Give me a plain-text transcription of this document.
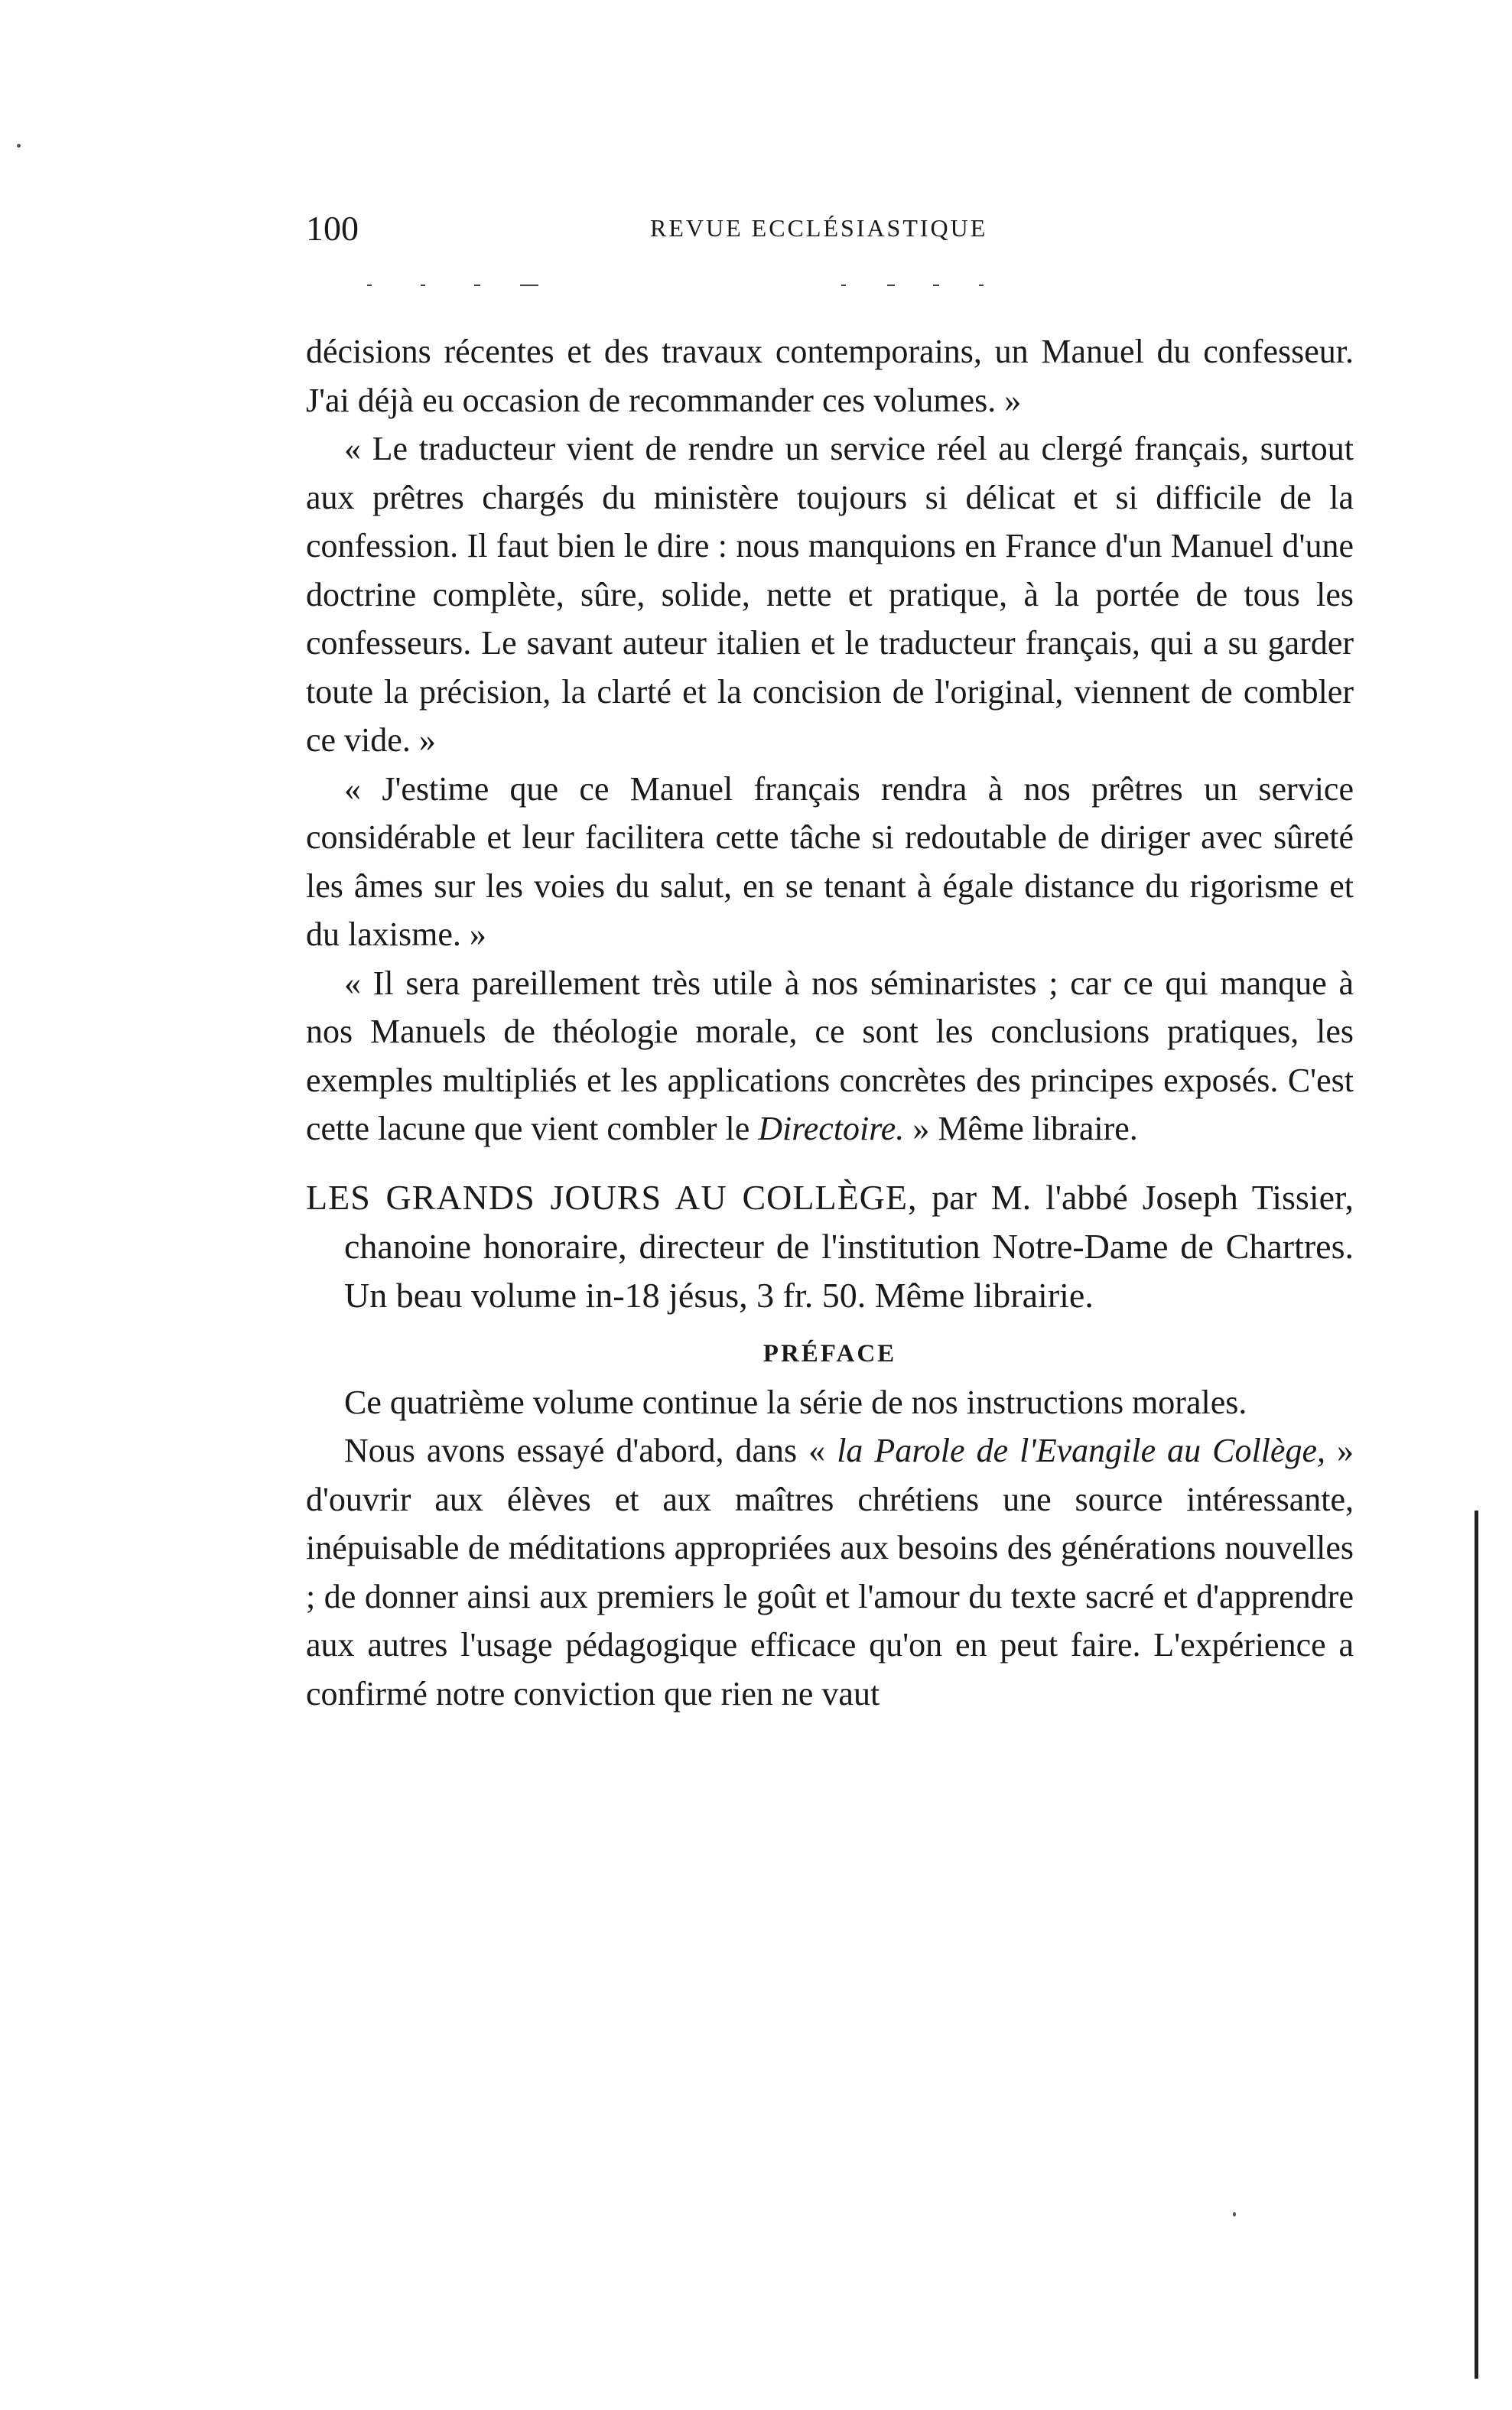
100	REVUE ECCLÉSIASTIQUE

décisions récentes et des travaux contemporains, un Manuel du confesseur. J'ai déjà eu occasion de recommander ces volumes. »

« Le traducteur vient de rendre un service réel au clergé français, surtout aux prêtres chargés du ministère toujours si délicat et si difficile de la confession. Il faut bien le dire : nous manquions en France d'un Manuel d'une doctrine complète, sûre, solide, nette et pratique, à la portée de tous les confesseurs. Le savant auteur italien et le traducteur français, qui a su garder toute la précision, la clarté et la concision de l'original, viennent de combler ce vide. »

« J'estime que ce Manuel français rendra à nos prêtres un service considérable et leur facilitera cette tâche si redoutable de diriger avec sûreté les âmes sur les voies du salut, en se tenant à égale distance du rigorisme et du laxisme. »

« Il sera pareillement très utile à nos séminaristes ; car ce qui manque à nos Manuels de théologie morale, ce sont les conclusions pratiques, les exemples multipliés et les applications concrètes des principes exposés. C'est cette lacune que vient combler le Directoire. » Même libraire.

LES GRANDS JOURS AU COLLÈGE, par M. l'abbé Joseph Tissier, chanoine honoraire, directeur de l'institution Notre-Dame de Chartres. Un beau volume in-18 jésus, 3 fr. 50. Même librairie.

PRÉFACE

Ce quatrième volume continue la série de nos instructions morales.

Nous avons essayé d'abord, dans « la Parole de l'Evangile au Collège, » d'ouvrir aux élèves et aux maîtres chrétiens une source intéressante, inépuisable de méditations appropriées aux besoins des générations nouvelles ; de donner ainsi aux premiers le goût et l'amour du texte sacré et d'apprendre aux autres l'usage pédagogique efficace qu'on en peut faire. L'expérience a confirmé notre conviction que rien ne vaut
